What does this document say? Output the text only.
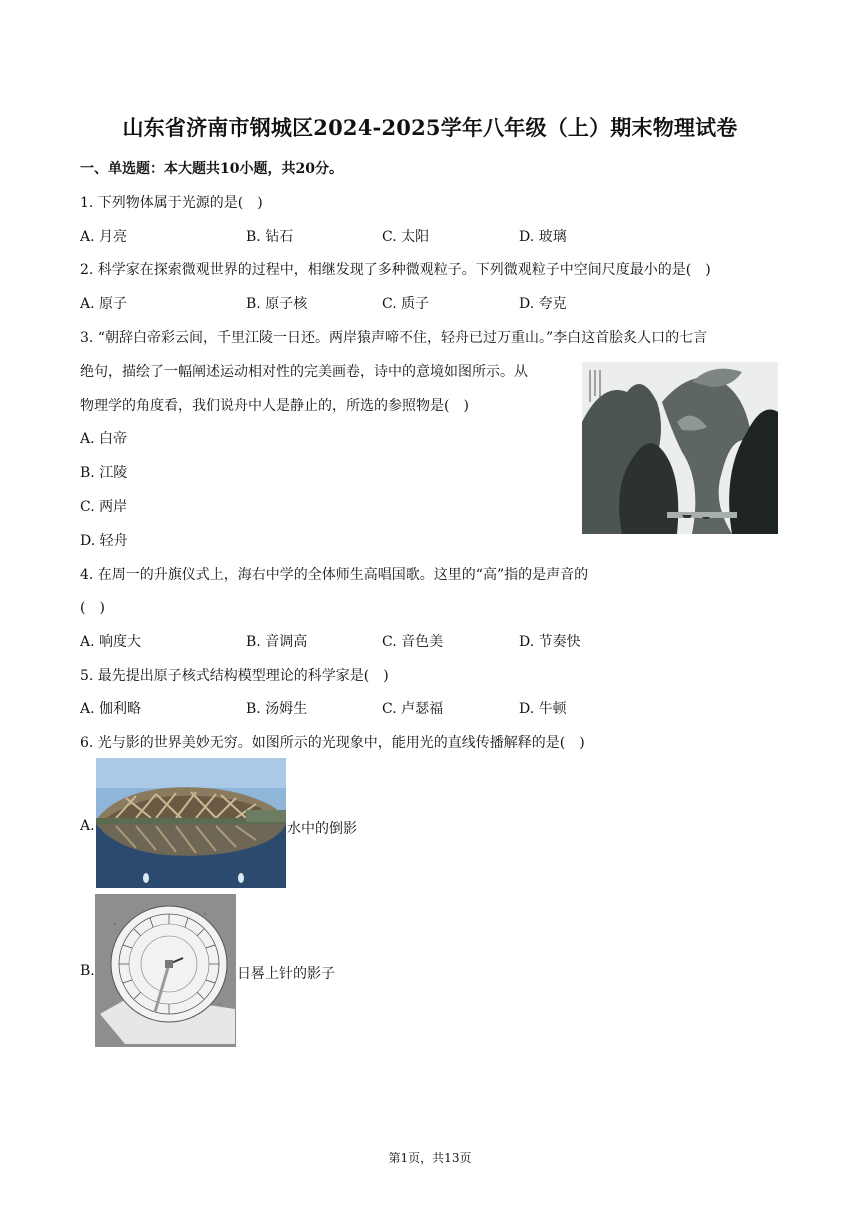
山东省济南市钢城区2024-2025学年八年级（上）期末物理试卷
一、单选题：本大题共10小题，共20分。
1. 下列物体属于光源的是(　)
A. 月亮	B. 钻石	C. 太阳	D. 玻璃
2. 科学家在探索微观世界的过程中，相继发现了多种微观粒子。下列微观粒子中空间尺度最小的是(　)
A. 原子	B. 原子核	C. 质子	D. 夸克
3. “朝辞白帝彩云间，千里江陵一日还。两岸猿声啼不住，轻舟已过万重山。”李白这首脍炙人口的七言
绝句，描绘了一幅阐述运动相对性的完美画卷，诗中的意境如图所示。从
物理学的角度看，我们说舟中人是静止的，所选的参照物是(　)
A. 白帝
B. 江陵
C. 两岸
D. 轻舟
4. 在周一的升旗仪式上，海右中学的全体师生高唱国歌。这里的“高”指的是声音的
(　)
A. 响度大	B. 音调高	C. 音色美	D. 节奏快
5. 最先提出原子核式结构模型理论的科学家是(　)
A. 伽利略	B. 汤姆生	C. 卢瑟福	D. 牛顿
6. 光与影的世界美妙无穷。如图所示的光现象中，能用光的直线传播解释的是(　)
A.	水中的倒影
B.	日晷上针的影子
第1页，共13页
